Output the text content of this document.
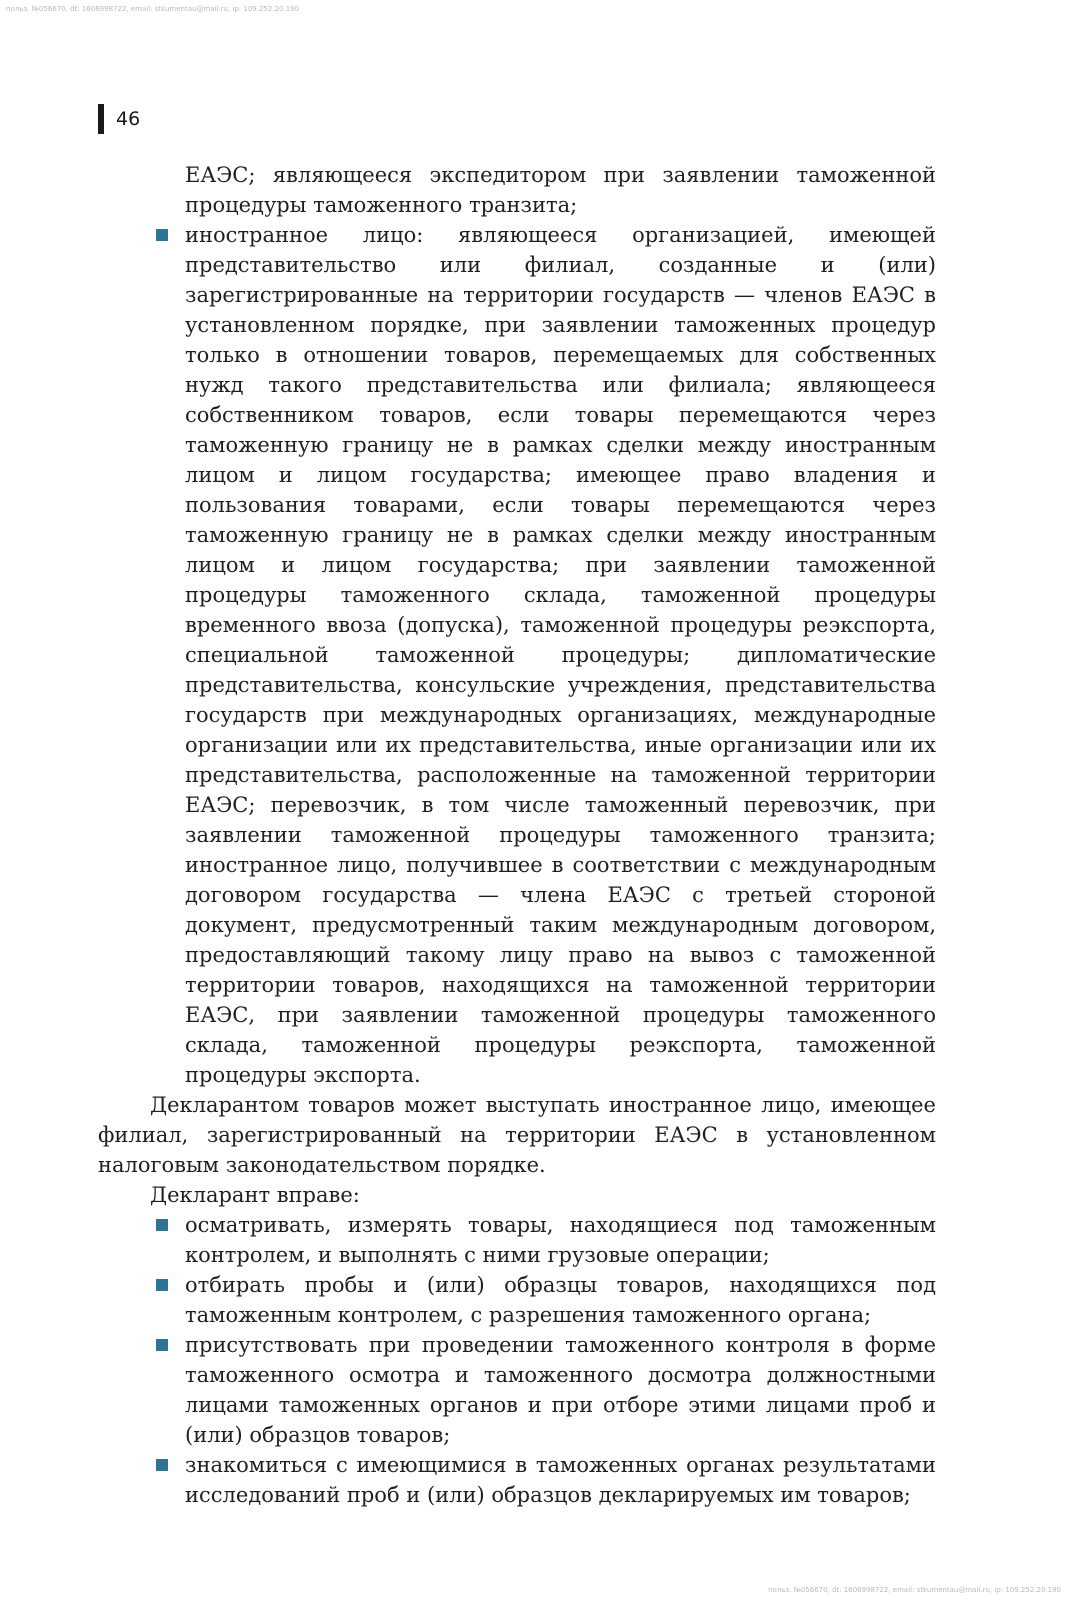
польз. №056670, dt: 1606998722, email: stkumentau@mail.ru, ip: 109.252.20.190
46

ЕАЭС; являющееся экспедитором при заявлении таможенной процедуры таможенного транзита;

иностранное лицо: являющееся организацией, имеющей представительство или филиал, созданные и (или) зарегистрированные на территории государств — членов ЕАЭС в установленном порядке, при заявлении таможенных процедур только в отношении товаров, перемещаемых для собственных нужд такого представительства или филиала; являющееся собственником товаров, если товары перемещаются через таможенную границу не в рамках сделки между иностранным лицом и лицом государства; имеющее право владения и пользования товарами, если товары перемещаются через таможенную границу не в рамках сделки между иностранным лицом и лицом государства; при заявлении таможенной процедуры таможенного склада, таможенной процедуры временного ввоза (допуска), таможенной процедуры реэкспорта, специальной таможенной процедуры; дипломатические представительства, консульские учреждения, представительства государств при международных организациях, международные организации или их представительства, иные организации или их представительства, расположенные на таможенной территории ЕАЭС; перевозчик, в том числе таможенный перевозчик, при заявлении таможенной процедуры таможенного транзита; иностранное лицо, получившее в соответствии с международным договором государства — члена ЕАЭС с третьей стороной документ, предусмотренный таким международным договором, предоставляющий такому лицу право на вывоз с таможенной территории товаров, находящихся на таможенной территории ЕАЭС, при заявлении таможенной процедуры таможенного склада, таможенной процедуры реэкспорта, таможенной процедуры экспорта.

Декларантом товаров может выступать иностранное лицо, имеющее филиал, зарегистрированный на территории ЕАЭС в установленном налоговым законодательством порядке.

Декларант вправе:

осматривать, измерять товары, находящиеся под таможенным контролем, и выполнять с ними грузовые операции;

отбирать пробы и (или) образцы товаров, находящихся под таможенным контролем, с разрешения таможенного органа;

присутствовать при проведении таможенного контроля в форме таможенного осмотра и таможенного досмотра должностными лицами таможенных органов и при отборе этими лицами проб и (или) образцов товаров;

знакомиться с имеющимися в таможенных органах результатами исследований проб и (или) образцов декларируемых им товаров;

польз. №056670, dt: 1606998722, email: stkumentau@mail.ru, ip: 109.252.20.190
